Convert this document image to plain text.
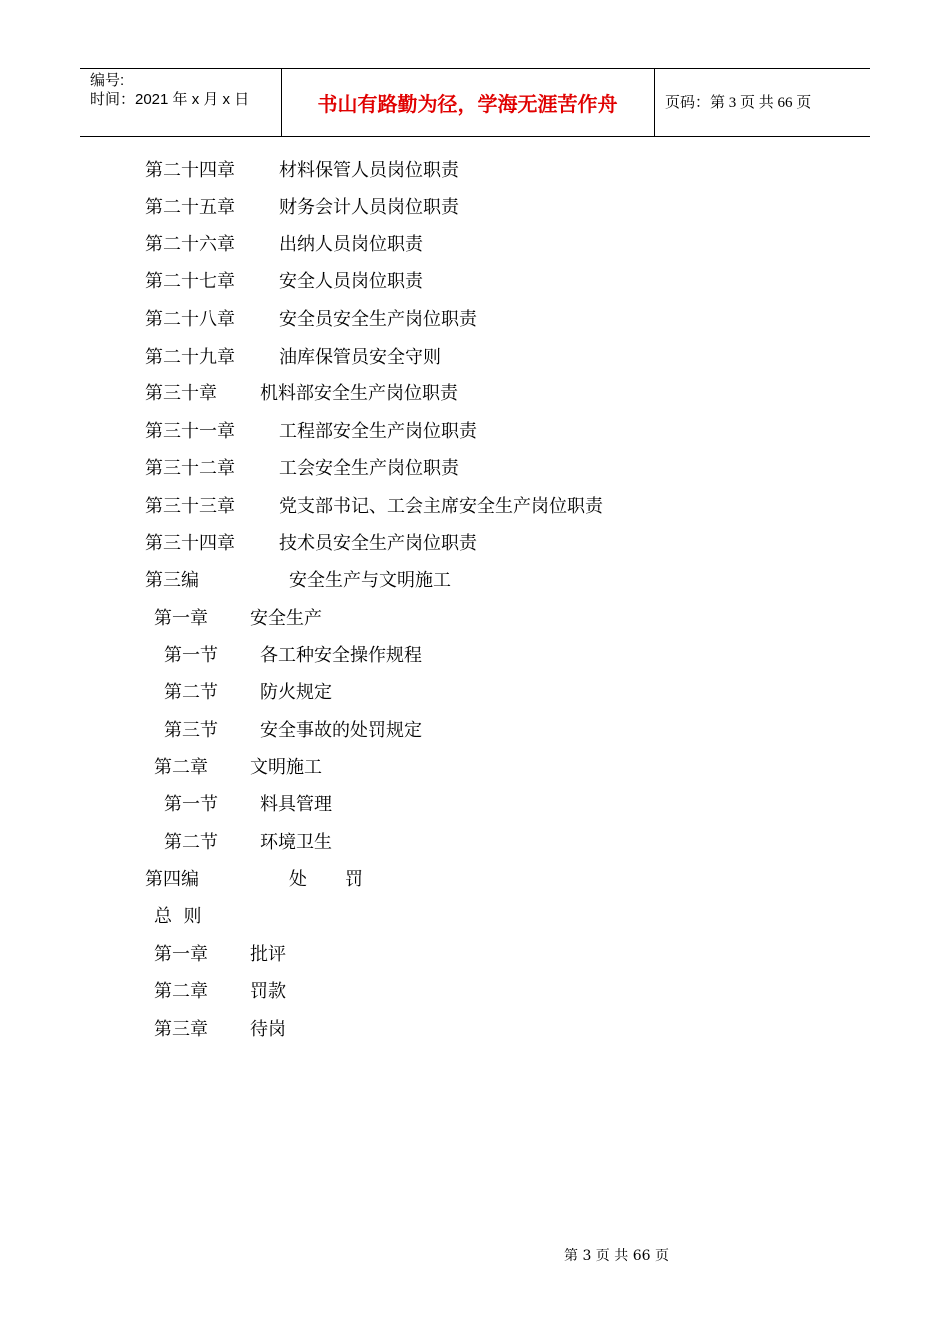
编号:
时间：2021 年 x 月 x 日	书山有路勤为径，学海无涯苦作舟	页码：第 3 页 共 66 页
第二十四章 材料保管人员岗位职责
第二十五章 财务会计人员岗位职责
第二十六章 出纳人员岗位职责
第二十七章 安全人员岗位职责
第二十八章 安全员安全生产岗位职责
第二十九章 油库保管员安全守则
第三十章 机料部安全生产岗位职责
第三十一章 工程部安全生产岗位职责
第三十二章 工会安全生产岗位职责
第三十三章 党支部书记、工会主席安全生产岗位职责
第三十四章 技术员安全生产岗位职责
第三编	安全生产与文明施工
第一章 安全生产
第一节 各工种安全操作规程
第二节 防火规定
第三节 安全事故的处罚规定
第二章 文明施工
第一节 料具管理
第二节 环境卫生
第四编	处 罚
总  则
第一章 批评
第二章 罚款
第三章 待岗
第 3 页 共 66 页
